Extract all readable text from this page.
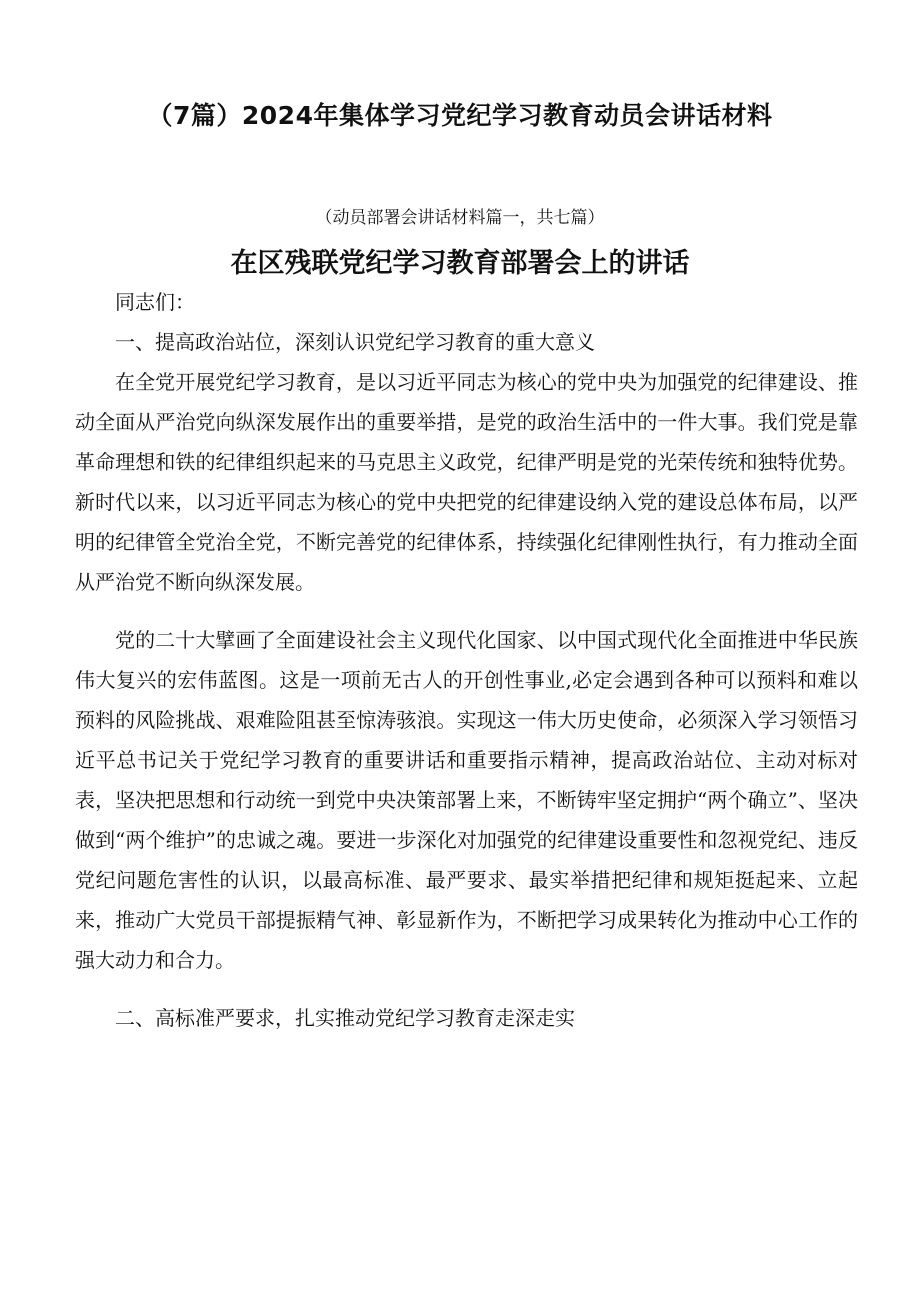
（7篇）2024年集体学习党纪学习教育动员会讲话材料
（动员部署会讲话材料篇一，共七篇）
在区残联党纪学习教育部署会上的讲话

同志们：

一、提高政治站位，深刻认识党纪学习教育的重大意义

在全党开展党纪学习教育，是以习近平同志为核心的党中央为加强党的纪律建设、推动全面从严治党向纵深发展作出的重要举措，是党的政治生活中的一件大事。我们党是靠革命理想和铁的纪律组织起来的马克思主义政党，纪律严明是党的光荣传统和独特优势。新时代以来，以习近平同志为核心的党中央把党的纪律建设纳入党的建设总体布局，以严明的纪律管全党治全党，不断完善党的纪律体系，持续强化纪律刚性执行，有力推动全面从严治党不断向纵深发展。

党的二十大擘画了全面建设社会主义现代化国家、以中国式现代化全面推进中华民族伟大复兴的宏伟蓝图。这是一项前无古人的开创性事业,必定会遇到各种可以预料和难以预料的风险挑战、艰难险阻甚至惊涛骇浪。实现这一伟大历史使命，必须深入学习领悟习近平总书记关于党纪学习教育的重要讲话和重要指示精神，提高政治站位、主动对标对表，坚决把思想和行动统一到党中央决策部署上来，不断铸牢坚定拥护“两个确立”、坚决做到“两个维护”的忠诚之魂。要进一步深化对加强党的纪律建设重要性和忽视党纪、违反党纪问题危害性的认识，以最高标准、最严要求、最实举措把纪律和规矩挺起来、立起来，推动广大党员干部提振精气神、彰显新作为，不断把学习成果转化为推动中心工作的强大动力和合力。

二、高标准严要求，扎实推动党纪学习教育走深走实
